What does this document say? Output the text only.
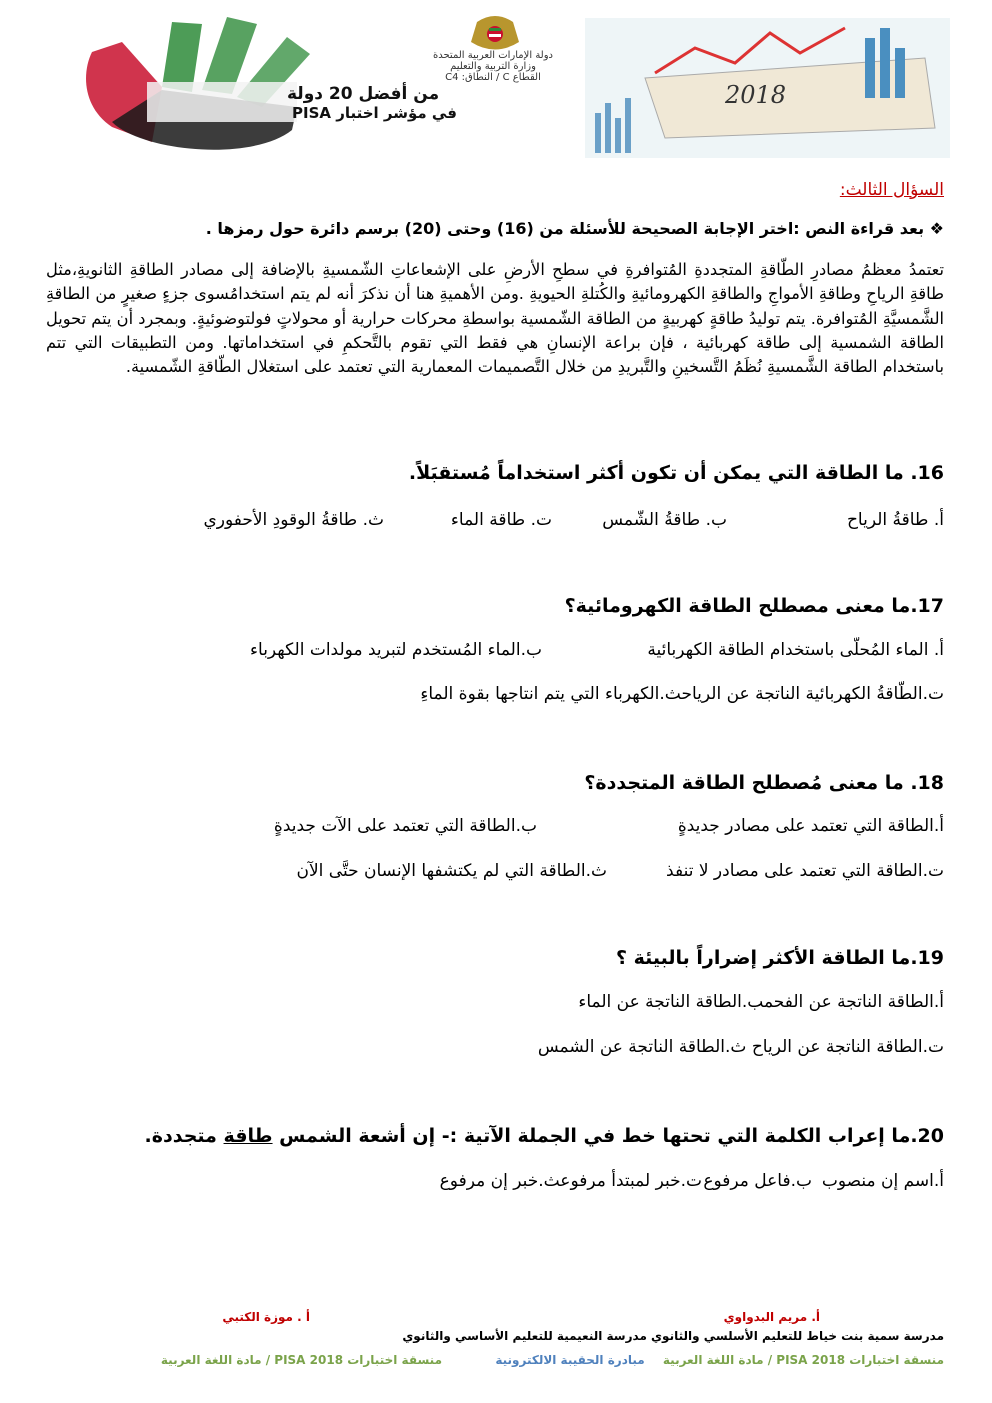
من أفضل 20 دولة
في مؤشر اختبار PISA
دولة الإمارات العربية المتحدة
وزارة التربية والتعليم
القطاع C / النطاق: C4
2018
السؤال الثالث:
❖ بعد قراءة النص :اختر الإجابة الصحيحة للأسئلة من (16) وحتى (20) برسم دائرة حول رمزها .
تعتمدُ معظمُ مصادرِ الطّاقةِ المتجددةِ المُتوافرةِ في سطحِ الأرضِ على الإشعاعاتِ الشّمسيةِ بالإضافة إلى مصادر الطاقةِ الثانويةِ،مثل طاقةِ الرياحِ وطاقةِ الأمواجِ والطاقةِ الكهرومائيةِ والكُتلةِ الحيويةِ .ومن الأهميةِ هنا أن نذكرَ أنه لم يتم استخدامُسوى جزءٍ صغيرٍ من الطاقةِ الشَّمسيَّةِ المُتوافرة. يتم توليدُ طاقةٍ كهربيةٍ من الطاقة الشّمسية بواسطةِ محركات حرارية أو محولاتٍ فولتوضوئيةٍ. وبمجرد أن يتم تحويل الطاقة الشمسية إلى طاقة كهربائية ، فإن براعة الإنسانِ هي فقط التي تقوم بالتَّحكمِ في استخداماتها. ومن التطبيقات التي تتم باستخدام الطاقة الشَّمسيةِ نُظَمُ التَّسخينِ والتَّبريدِ من خلال التَّصميمات المعمارية التي تعتمد على استغلال الطّاقةِ الشّمسية.
16. ما الطاقة التي يمكن أن تكون أكثر استخداماً مُستقبَلاً.
أ. طاقةُ الرياح
ب. طاقةُ الشّمس
ت. طاقة الماء
ث. طاقةُ الوقودِ الأحفوري
17.ما معنى مصطلح الطاقة الكهرومائية؟
أ. الماء المُحلّى باستخدام الطاقة الكهربائية
ب.الماء المُستخدم لتبريد مولدات الكهرباء
ت.الطّاقةُ الكهربائية الناتجة عن الرياحث.الكهرباء التي يتم انتاجها بقوة الماءِ
18. ما معنى مُصطلح الطاقة المتجددة؟
أ.الطاقة التي تعتمد على مصادر جديدةٍ
ب.الطاقة التي تعتمد على الآت جديدةٍ
ت.الطاقة التي تعتمد على مصادر لا تنفذ
ث.الطاقة التي لم يكتشفها الإنسان حتَّى الآن
19.ما الطاقة الأكثر إضراراً بالبيئة ؟
أ.الطاقة الناتجة عن الفحمب.الطاقة الناتجة عن الماء
ت.الطاقة الناتجة عن الرياح ث.الطاقة الناتجة عن الشمس
20.ما إعراب الكلمة التي تحتها خط في الجملة الآتية :- إن أشعة الشمس طاقة متجددة.
أ.اسم إن منصوب
ب.فاعل مرفوع
ت.خبر لمبتدأ مرفوعث.خبر إن مرفوع
أ. مريم البدواوي
أ . موزة الكتبي
مدرسة سمية بنت خياط للتعليم الأسلسي والثانوي مدرسة النعيمية للتعليم الأساسي والثانوي
منسقة اختبارات PISA 2018 / مادة اللغة العربية مبادرة الحقيبة الالكترونية
منسقة اختبارات PISA 2018 / مادة اللغة العربية
